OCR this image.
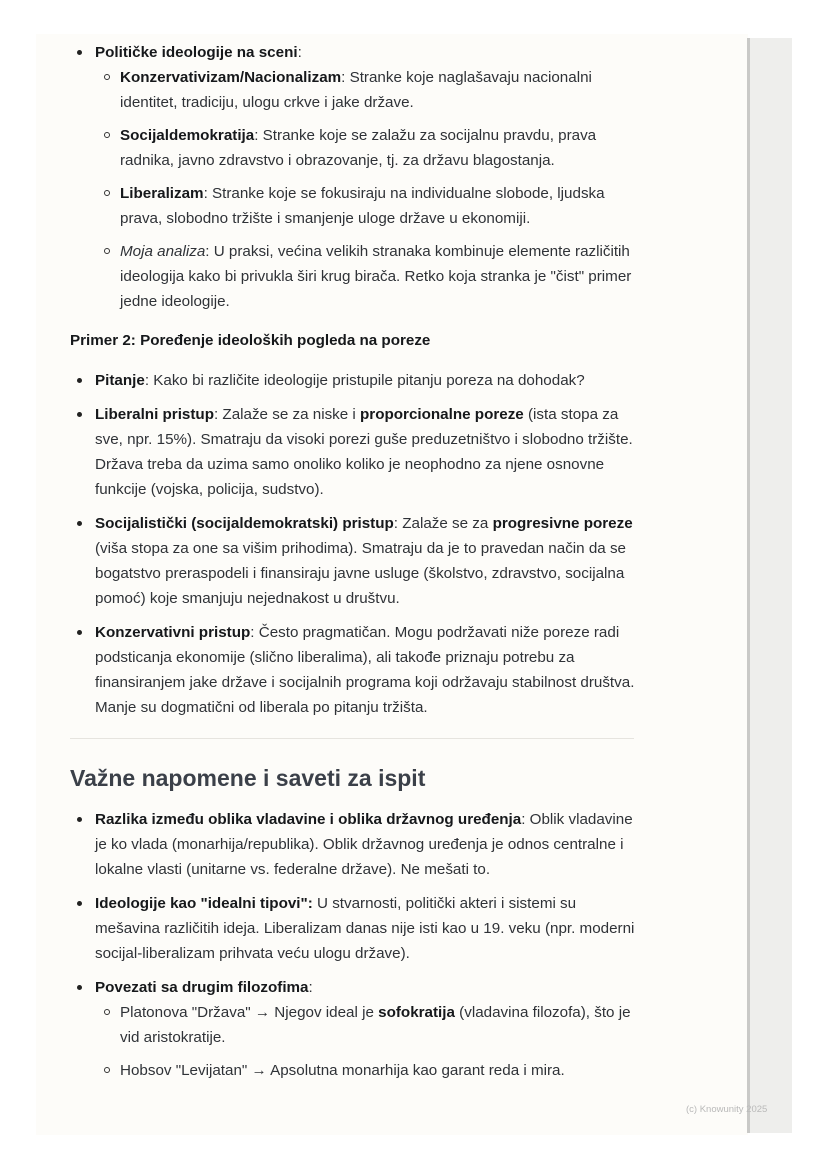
(c) Knowunity 2025
Političke ideologije na sceni:
Konzervativizam/Nacionalizam: Stranke koje naglašavaju nacionalni identitet, tradiciju, ulogu crkve i jake države.
Socijaldemokratija: Stranke koje se zalažu za socijalnu pravdu, prava radnika, javno zdravstvo i obrazovanje, tj. za državu blagostanja.
Liberalizam: Stranke koje se fokusiraju na individualne slobode, ljudska prava, slobodno tržište i smanjenje uloge države u ekonomiji.
Moja analiza: U praksi, većina velikih stranaka kombinuje elemente različitih ideologija kako bi privukla širi krug birača. Retko koja stranka je "čist" primer jedne ideologije.
Primer 2: Poređenje ideoloških pogleda na poreze
Pitanje: Kako bi različite ideologije pristupile pitanju poreza na dohodak?
Liberalni pristup: Zalaže se za niske i proporcionalne poreze (ista stopa za sve, npr. 15%). Smatraju da visoki porezi guše preduzetništvo i slobodno tržište. Država treba da uzima samo onoliko koliko je neophodno za njene osnovne funkcije (vojska, policija, sudstvo).
Socijalistički (socijaldemokratski) pristup: Zalaže se za progresivne poreze (viša stopa za one sa višim prihodima). Smatraju da je to pravedan način da se bogatstvo preraspodeli i finansiraju javne usluge (školstvo, zdravstvo, socijalna pomoć) koje smanjuju nejednakost u društvu.
Konzervativni pristup: Često pragmatičan. Mogu podržavati niže poreze radi podsticanja ekonomije (slično liberalima), ali takođe priznaju potrebu za finansiranjem jake države i socijalnih programa koji održavaju stabilnost društva. Manje su dogmatični od liberala po pitanju tržišta.
Važne napomene i saveti za ispit
Razlika između oblika vladavine i oblika državnog uređenja: Oblik vladavine je ko vlada (monarhija/republika). Oblik državnog uređenja je odnos centralne i lokalne vlasti (unitarne vs. federalne države). Ne mešati to.
Ideologije kao "idealni tipovi": U stvarnosti, politički akteri i sistemi su mešavina različitih ideja. Liberalizam danas nije isti kao u 19. veku (npr. moderni socijal-liberalizam prihvata veću ulogu države).
Povezati sa drugim filozofima:
Platonova "Država" → Njegov ideal je sofokratija (vladavina filozofa), što je vid aristokratije.
Hobsov "Levijatan" → Apsolutna monarhija kao garant reda i mira.
